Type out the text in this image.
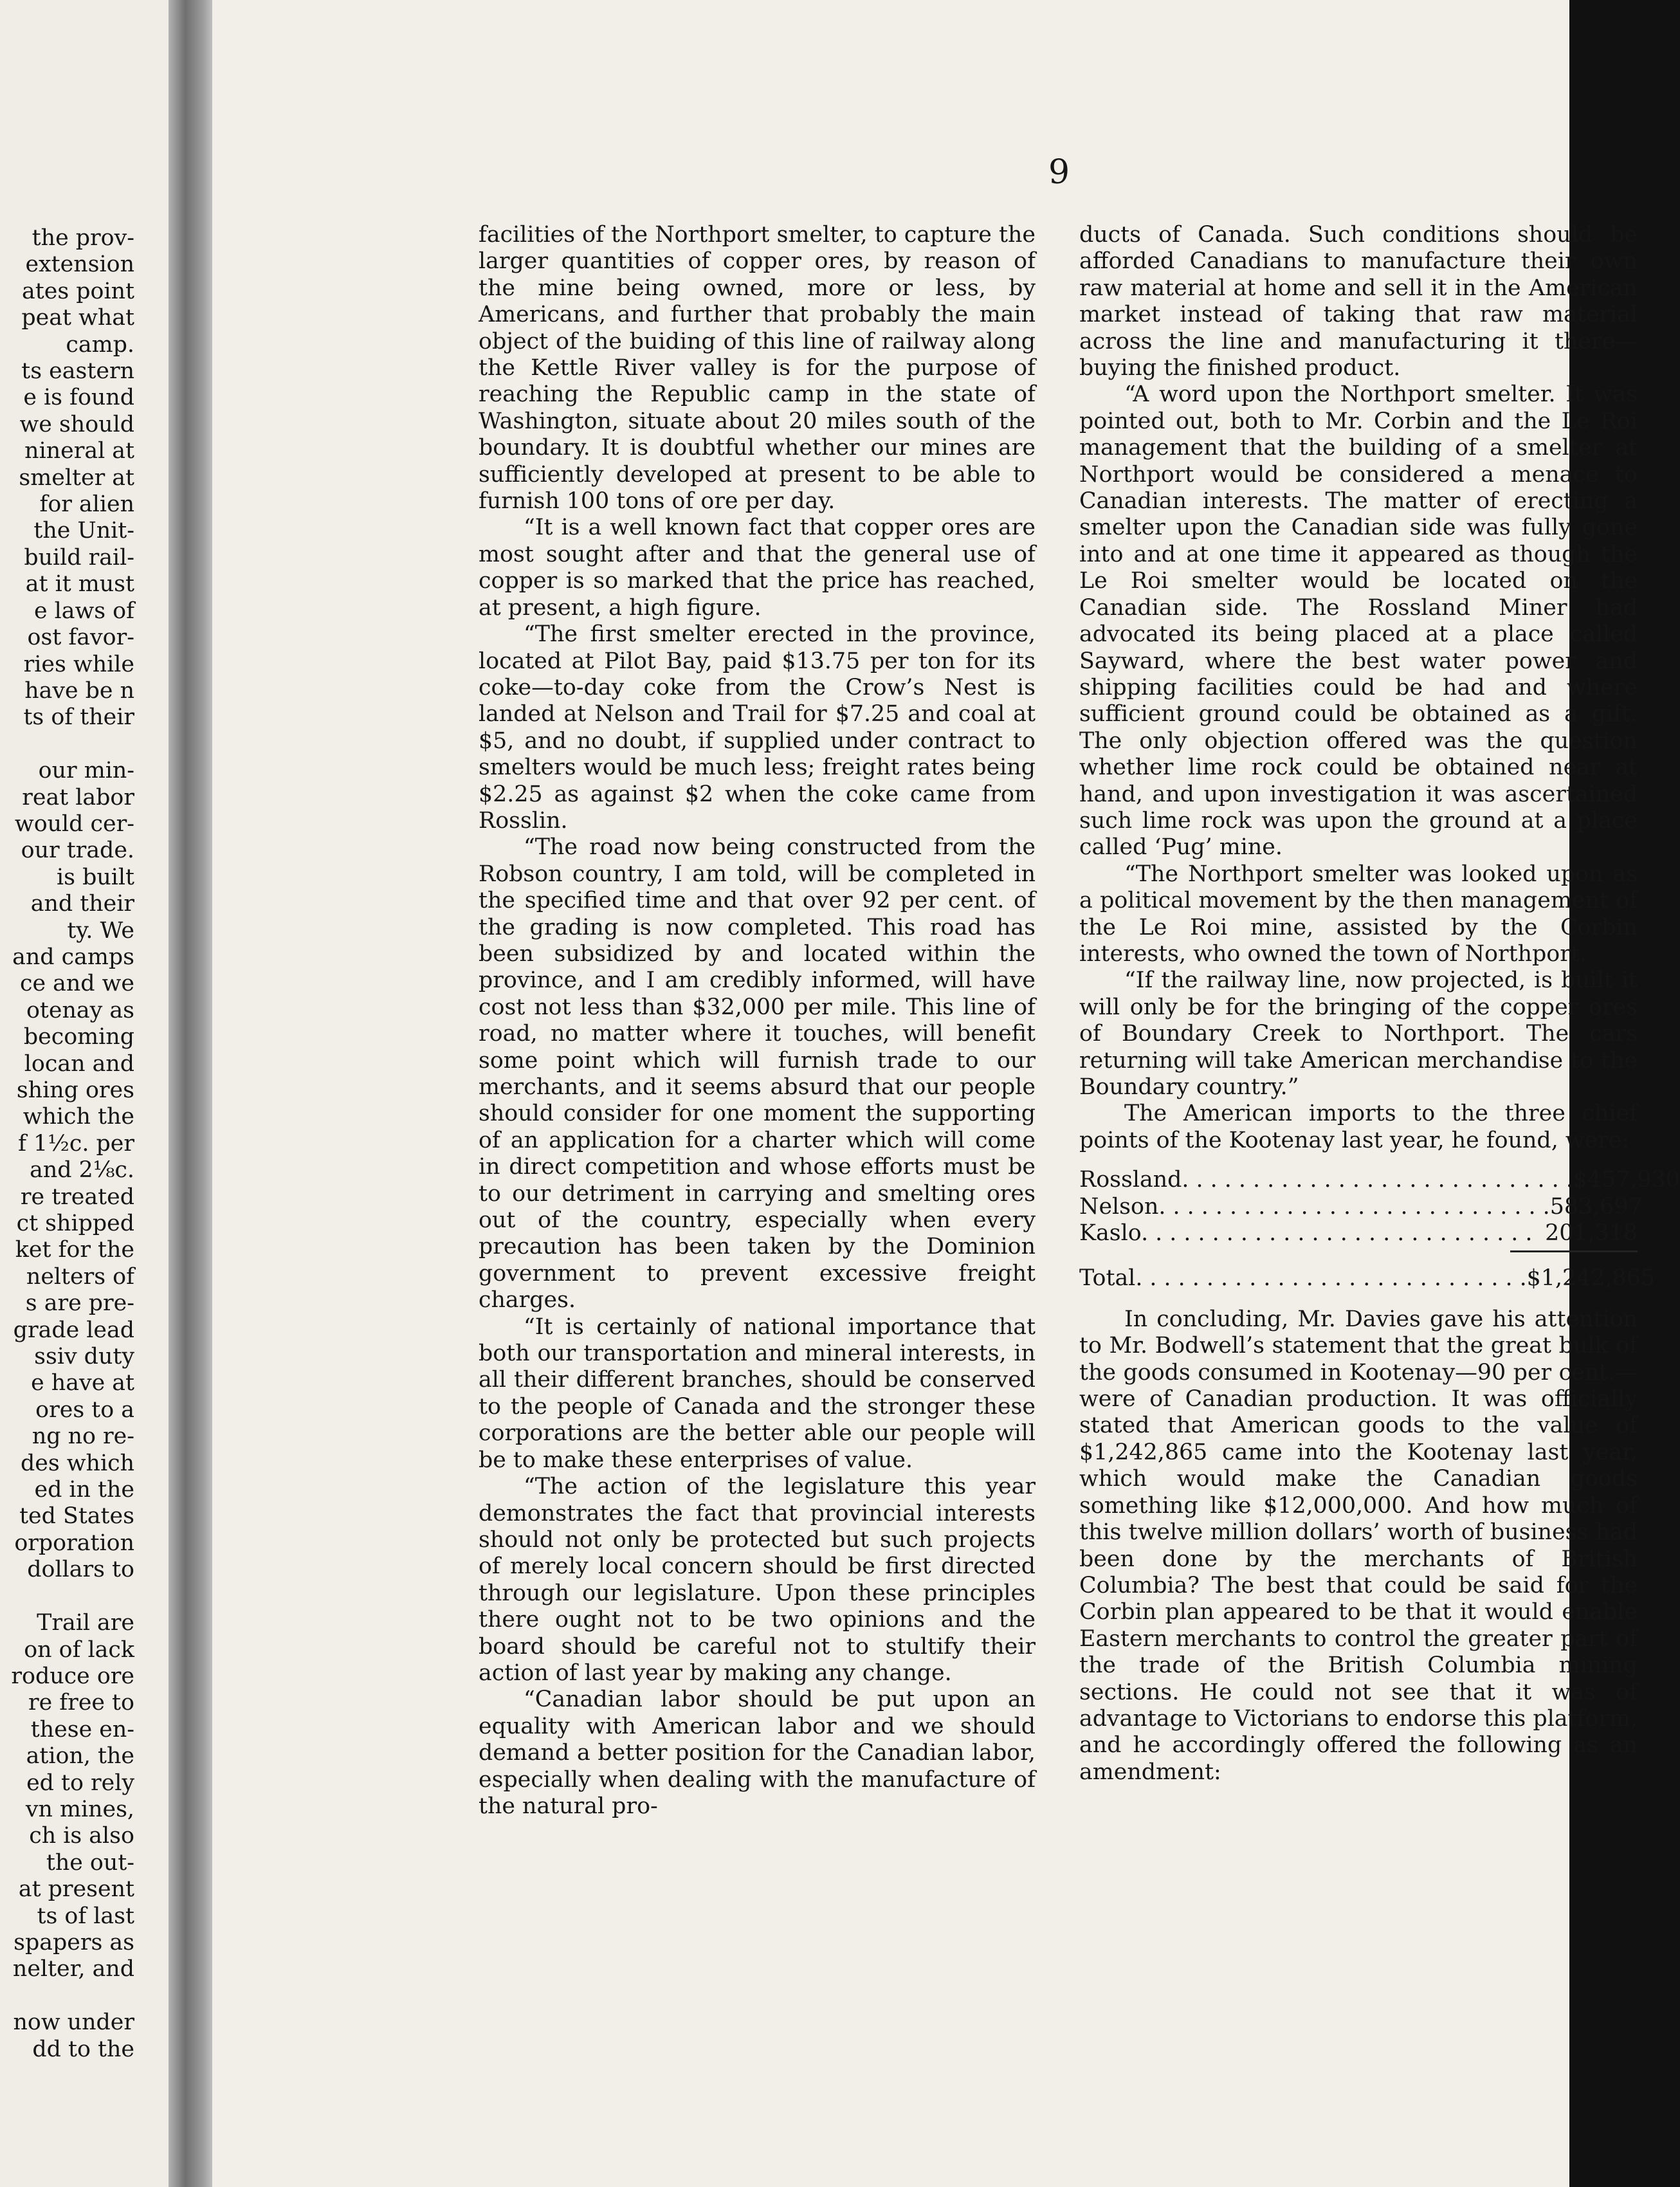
the prov-
extension
ates point
peat what
camp.
ts eastern
e is found
we should
nineral at
smelter at
for alien
the Unit-
build rail-
at it must
e laws of
ost favor-
ries while
have be n
ts of their
our min-
reat labor
would cer-
our trade.
is built
and their
ty. We
and camps
ce and we
otenay as
becoming
locan and
shing ores
which the
f 1½c. per
and 2⅛c.
re treated
ct shipped
ket for the
nelters of
s are pre-
grade lead
ssiv duty
e have at
ores to a
ng no re-
des which
ed in the
ted States
orporation
dollars to
Trail are
on of lack
roduce ore
re free to
these en-
ation, the
ed to rely
vn mines,
ch is also
the out-
at present
ts of last
spapers as
nelter, and
now under
dd to the
9

facilities of the Northport smelter, to capture the larger quantities of copper ores, by reason of the mine being owned, more or less, by Americans, and further that probably the main object of the buiding of this line of railway along the Kettle River valley is for the purpose of reaching the Republic camp in the state of Washington, situate about 20 miles south of the boundary. It is doubtful whether our mines are sufficiently developed at present to be able to furnish 100 tons of ore per day.

“It is a well known fact that copper ores are most sought after and that the general use of copper is so marked that the price has reached, at present, a high figure.

“The first smelter erected in the province, located at Pilot Bay, paid $13.75 per ton for its coke—to-day coke from the Crow’s Nest is landed at Nelson and Trail for $7.25 and coal at $5, and no doubt, if supplied under contract to smelters would be much less; freight rates being $2.25 as against $2 when the coke came from Rosslin.

“The road now being constructed from the Robson country, I am told, will be completed in the specified time and that over 92 per cent. of the grading is now completed. This road has been subsidized by and located within the province, and I am credibly informed, will have cost not less than $32,000 per mile. This line of road, no matter where it touches, will benefit some point which will furnish trade to our merchants, and it seems absurd that our people should consider for one moment the supporting of an application for a charter which will come in direct competition and whose efforts must be to our detriment in carrying and smelting ores out of the country, especially when every precaution has been taken by the Dominion government to prevent excessive freight charges.

“It is certainly of national importance that both our transportation and mineral interests, in all their different branches, should be conserved to the people of Canada and the stronger these corporations are the better able our people will be to make these enterprises of value.

“The action of the legislature this year demonstrates the fact that provincial interests should not only be protected but such projects of merely local concern should be first directed through our legislature. Upon these principles there ought not to be two opinions and the board should be careful not to stultify their action of last year by making any change.

“Canadian labor should be put upon an equality with American labor and we should demand a better position for the Canadian labor, especially when dealing with the manufacture of the natural pro-

ducts of Canada. Such conditions should be afforded Canadians to manufacture their own raw material at home and sell it in the American market instead of taking that raw material across the line and manufacturing it there—buying the finished product.

“A word upon the Northport smelter. It was pointed out, both to Mr. Corbin and the Le Roi management that the building of a smelter at Northport would be considered a menace to Canadian interests. The matter of erecting a smelter upon the Canadian side was fully gone into and at one time it appeared as though the Le Roi smelter would be located on the Canadian side. The Rossland Miner had advocated its being placed at a place called Sayward, where the best water power and shipping facilities could be had and where sufficient ground could be obtained as a gift. The only objection offered was the question whether lime rock could be obtained near at hand, and upon investigation it was ascertained such lime rock was upon the ground at a place called ‘Pug’ mine.

“The Northport smelter was looked upon as a political movement by the then management of the Le Roi mine, assisted by the Corbin interests, who owned the town of Northport.

“If the railway line, now projected, is built it will only be for the bringing of the copper ores of Boundary Creek to Northport. The cars returning will take American merchandise to the Boundary country.”

The American imports to the three chief points of the Kootenay last year, he found, were:

Rossland. . . . . . . . . . . . . . . . . . . . . . . . . . . . $457,930
Nelson. . . . . . . . . . . . . . . . . . . . . . . . . . . . 583,697
Kaslo. . . . . . . . . . . . . . . . . . . . . . . . . . . . 201,318
Total. . . . . . . . . . . . . . . . . . . . . . . . . . . . $1,242,865

In concluding, Mr. Davies gave his attention to Mr. Bodwell’s statement that the great bulk of the goods consumed in Kootenay—90 per cent.—were of Canadian production. It was officially stated that American goods to the value of $1,242,865 came into the Kootenay last year, which would make the Canadian goods something like $12,000,000. And how much of this twelve million dollars’ worth of business had been done by the merchants of British Columbia? The best that could be said for the Corbin plan appeared to be that it would enable Eastern merchants to control the greater part of the trade of the British Columbia mining sections. He could not see that it was of advantage to Victorians to endorse this platform, and he accordingly offered the following as an amendment:
